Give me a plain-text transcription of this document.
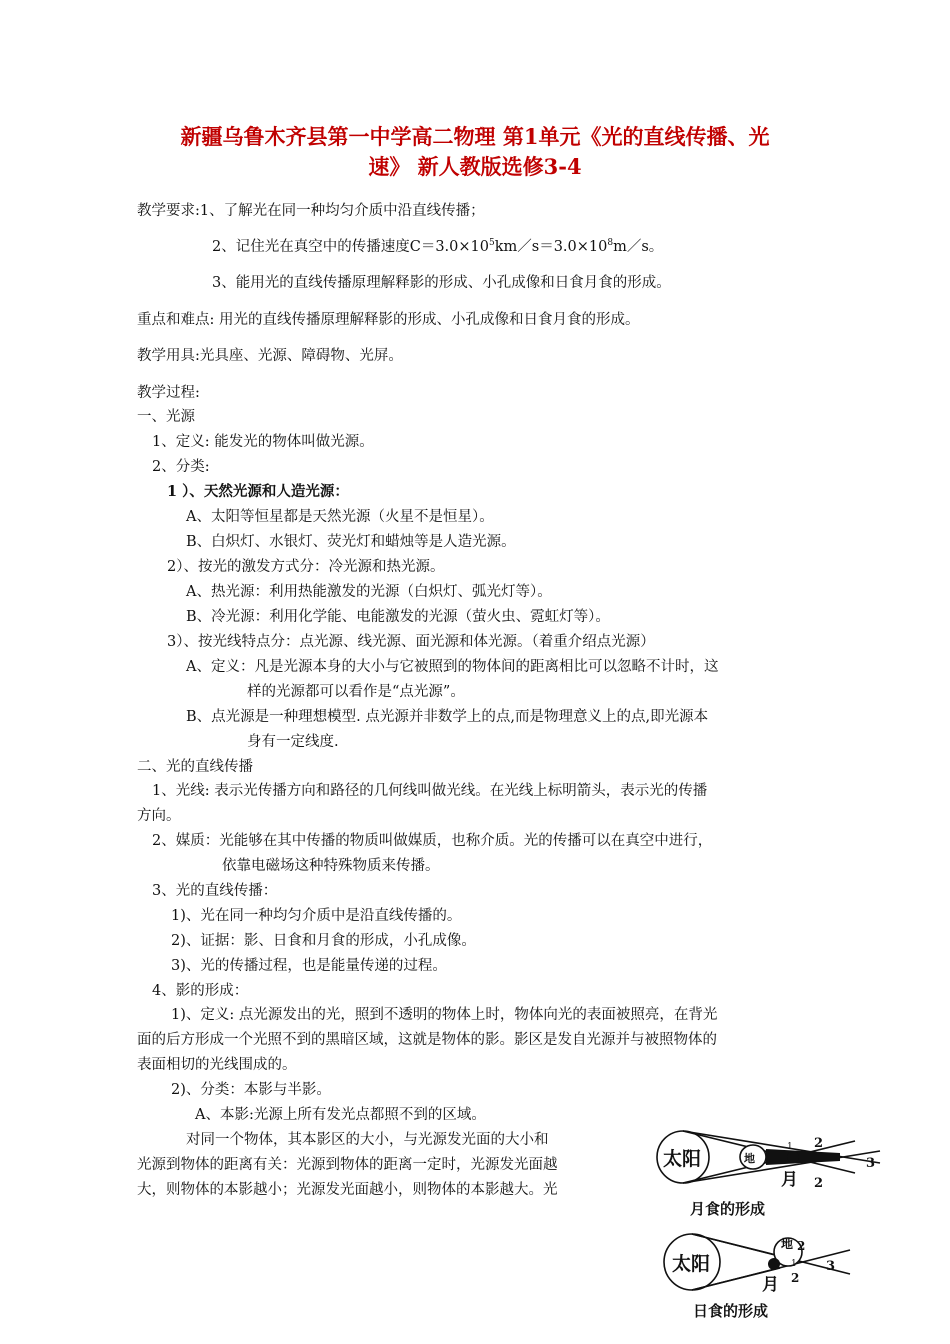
新疆乌鲁木齐县第一中学高二物理 第1单元《光的直线传播、光
速》 新人教版选修3-4
教学要求:1、了解光在同一种均匀介质中沿直线传播；
2、记住光在真空中的传播速度$C=3.0\times 10^5km/s=3.0\times 10^8m/s$。
3、能用光的直线传播原理解释影的形成、小孔成像和日食月食的形成。
重点和难点: 用光的直线传播原理解释影的形成、小孔成像和日食月食的形成。
教学用具:光具座、光源、障碍物、光屏。
教学过程:
一、光源
1、定义: 能发光的物体叫做光源。
2、分类:
1 ）、天然光源和人造光源：
A、太阳等恒星都是天然光源（火星不是恒星）。
B、白炽灯、水银灯、荧光灯和蜡烛等是人造光源。
2）、按光的激发方式分：冷光源和热光源。
A、热光源：利用热能激发的光源（白炽灯、弧光灯等）。
B、冷光源：利用化学能、电能激发的光源（萤火虫、霓虹灯等）。
3）、按光线特点分：点光源、线光源、面光源和体光源。（着重介绍点光源）
A、定义：凡是光源本身的大小与它被照到的物体间的距离相比可以忽略不计时，这
样的光源都可以看作是“点光源”。
B、点光源是一种理想模型. 点光源并非数学上的点,而是物理意义上的点,即光源本
身有一定线度.
二、光的直线传播
1、光线: 表示光传播方向和路径的几何线叫做光线。在光线上标明箭头，表示光的传播
方向。
2、媒质：光能够在其中传播的物质叫做媒质，也称介质。光的传播可以在真空中进行，
依靠电磁场这种特殊物质来传播。
3、光的直线传播：
1)、光在同一种均匀介质中是沿直线传播的。
2)、证据：影、日食和月食的形成，小孔成像。
3)、光的传播过程，也是能量传递的过程。
4、影的形成：
1)、定义: 点光源发出的光，照到不透明的物体上时，物体向光的表面被照亮，在背光
面的后方形成一个光照不到的黑暗区域，这就是物体的影。影区是发自光源并与被照物体的
表面相切的光线围成的。
2)、分类：本影与半影。
A、本影:光源上所有发光点都照不到的区域。
对同一个物体，其本影区的大小，与光源发光面的大小和
光源到物体的距离有关：光源到物体的距离一定时，光源发光面越
大，则物体的本影越小；光源发光面越小，则物体的本影越大。光
太阳	地
1 2
2
3
月
月食的形成
太阳
地
1
2
2
3
月
日食的形成
